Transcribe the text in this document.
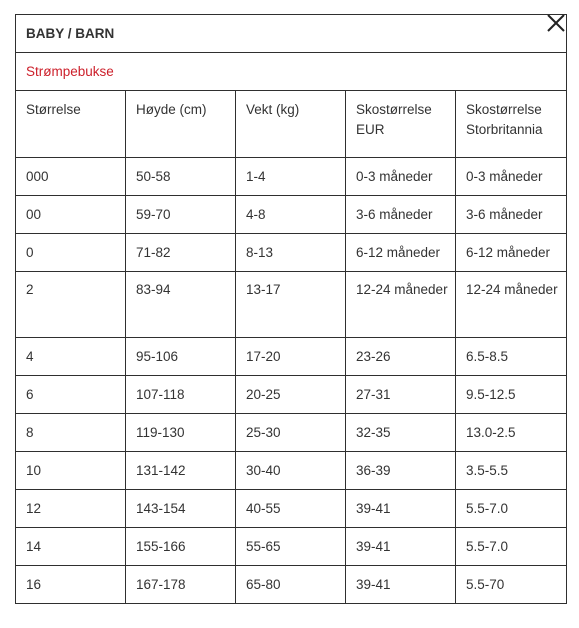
BABY / BARN				
Strømpebukse				
Størrelse	Høyde (cm)	Vekt (kg)	Skostørrelse EUR	Skostørrelse Storbritannia
000	50-58	1-4	0-3 måneder	0-3 måneder
00	59-70	4-8	3-6 måneder	3-6 måneder
0	71-82	8-13	6-12 måneder	6-12 måneder
2	83-94	13-17	12-24 måneder	12-24 måneder
4	95-106	17-20	23-26	6.5-8.5
6	107-118	20-25	27-31	9.5-12.5
8	119-130	25-30	32-35	13.0-2.5
10	131-142	30-40	36-39	3.5-5.5
12	143-154	40-55	39-41	5.5-7.0
14	155-166	55-65	39-41	5.5-7.0
16	167-178	65-80	39-41	5.5-70
